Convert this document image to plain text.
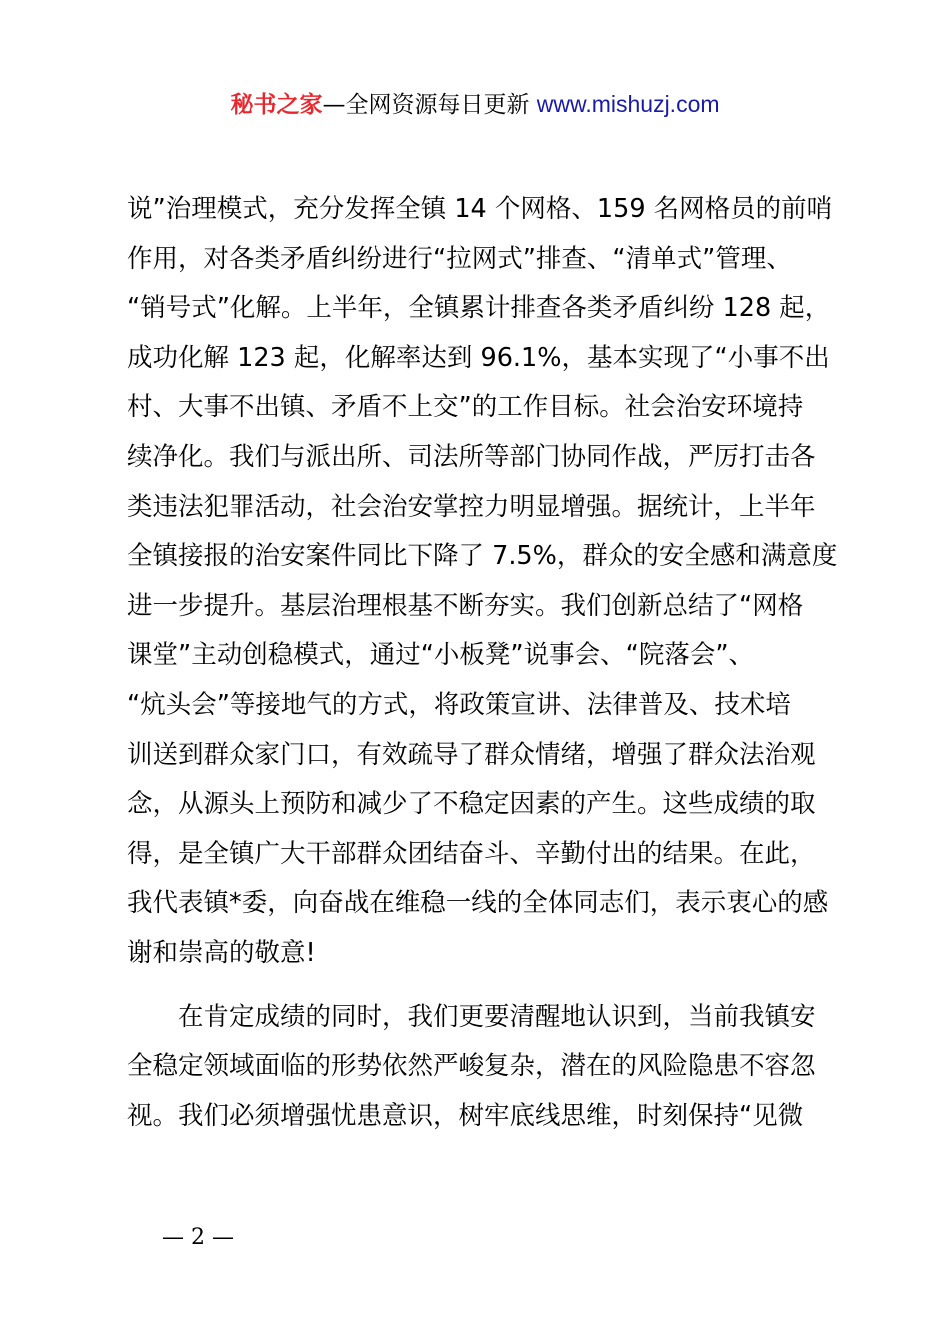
秘书之家—全网资源每日更新 www.mishuzj.com
说”治理模式，充分发挥全镇 14 个网格、159 名网格员的前哨
作用，对各类矛盾纠纷进行“拉网式”排查、“清单式”管理、
“销号式”化解。上半年，全镇累计排查各类矛盾纠纷 128 起，
成功化解 123 起，化解率达到 96.1%，基本实现了“小事不出
村、大事不出镇、矛盾不上交”的工作目标。社会治安环境持
续净化。我们与派出所、司法所等部门协同作战，严厉打击各
类违法犯罪活动，社会治安掌控力明显增强。据统计，上半年
全镇接报的治安案件同比下降了 7.5%，群众的安全感和满意度
进一步提升。基层治理根基不断夯实。我们创新总结了“网格
课堂”主动创稳模式，通过“小板凳”说事会、“院落会”、
“炕头会”等接地气的方式，将政策宣讲、法律普及、技术培
训送到群众家门口，有效疏导了群众情绪，增强了群众法治观
念，从源头上预防和减少了不稳定因素的产生。这些成绩的取
得，是全镇广大干部群众团结奋斗、辛勤付出的结果。在此，
我代表镇*委，向奋战在维稳一线的全体同志们，表示衷心的感
谢和崇高的敬意!
在肯定成绩的同时，我们更要清醒地认识到，当前我镇安
全稳定领域面临的形势依然严峻复杂，潜在的风险隐患不容忽
视。我们必须增强忧患意识，树牢底线思维，时刻保持“见微
— 2 —
